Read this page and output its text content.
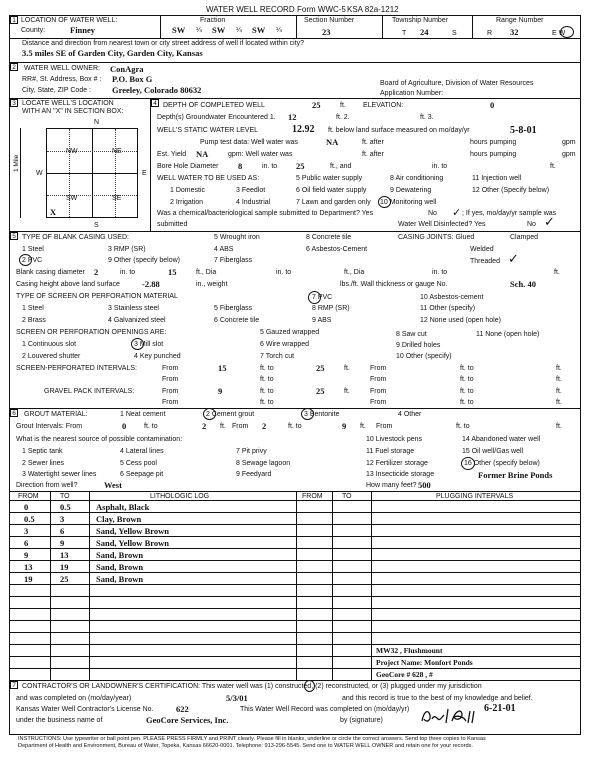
WATER WELL RECORD Form WWC-5 KSA 82a-1212
1 LOCATION OF WATER WELL:
County:	Finney
Fraction
SW ¼ SW ¼ SW ¼
Section Number
23
Township Number
T 24	S
Range Number
R 32	E W
Distance and direction from nearest town or city street address of well if located within city?
3.5 miles SE of Garden City, Garden City, Kansas
2	WATER WELL OWNER: ConAgra
RR#, St. Address, Box # : P.O. Box G
City, State, ZIP Code : Greeley, Colorado 80632
Board of Agriculture, Division of Water Resources
Application Number:
3 LOCATE WELL'S LOCATION
WITH AN "X" IN SECTION BOX:
N
W	E
S
1 Mile
NW	NE
SW	SE
X
4 DEPTH OF COMPLETED WELL	25	ft. ELEVATION:	0
Depth(s) Groundwater Encountered 1. 12	ft. 2.	ft. 3.
WELL'S STATIC WATER LEVEL	12.92 ft. below land surface measured on mo/day/yr	5-8-01
Pump test data: Well water was	NA	ft. after	hours pumping	gpm
Est. Yield NA	gpm: Well water was	ft. after	hours pumping	gpm
Bore Hole Diameter 8	in. to 25	ft., and	in. to	ft.
WELL WATER TO BE USED AS:	5 Public water supply	8 Air conditioning	11 Injection well
1 Domestic	3 Feedlot	6 Oil field water supply	9 Dewatering	12 Other (Specify below)
2 Irrigation	4 Industrial	7 Lawn and garden only 10 Monitoring well
Was a chemical/bacteriological sample submitted to Department? Yes	No ✓ ; If yes, mo/day/yr sample was
submitted	Water Well Disinfected? Yes	No ✓
5 TYPE OF BLANK CASING USED:
1 Steel	3 RMP (SR)
5 Wrought iron	8 Concrete tile
4 ABS	6 Asbestos-Cement
2 PVC	9 Other (specify below)	7 Fiberglass
CASING JOINTS: Glued	Clamped
Welded
Threaded ✓
Blank casing diameter 2	in. to	15	ft., Dia	in. to	ft., Dia	in. to	ft.
Casing height above land surface	-2.88	in., weight	lbs./ft. Wall thickness or gauge No.	Sch. 40
TYPE OF SCREEN OR PERFORATION MATERIAL
1 Steel	3 Stainless steel	5 Fiberglass
7 PVC	10 Asbestos-cement
2 Brass	4 Galvanized steel	6 Concrete tile
8 RMP (SR)	11 Other (specify)
9 ABS	12 None used (open hole)
SCREEN OR PERFORATION OPENINGS ARE:	5 Gauzed wrapped	8 Saw cut	11 None (open hole)
1 Continuous slot	3 Mill slot	6 Wire wrapped	9 Drilled holes
2 Louvered shutter	4 Key punched	7 Torch cut	10 Other (specify)
SCREEN-PERFORATED INTERVALS:	From	15	ft. to	25	ft.	From	ft. to	ft.
From	ft. to	From	ft. to	ft.
GRAVEL PACK INTERVALS:	From	9	ft. to	25	ft.	From	ft. to	ft.
From	ft. to	From	ft. to	ft.
6	GROUT MATERIAL:	1 Neat cement	2 Cement grout	3 Bentonite	4 Other
Grout Intervals: From	0	ft. to	2 ft. From 2	ft. to	9 ft. From	ft. to	ft.
What is the nearest source of possible contamination:	10 Livestock pens	14 Abandoned water well
1 Septic tank	4 Lateral lines	7 Pit privy	11 Fuel storage	15 Oil well/Gas well
2 Sewer lines	5 Cess pool	8 Sewage lagoon	12 Fertilizer storage	16 Other (specify below)
3 Watertight sewer lines	6 Seepage pit	9 Feedyard	13 Insecticide storage	Former Brine Ponds
Direction from well?	West	How many feet? 500
FROM	TO	LITHOLOGIC LOG	FROM	TO	PLUGGING INTERVALS
0	0.5	Asphalt, Black
0.5	3	Clay, Brown
3	6	Sand, Yellow Brown
6	9	Sand, Yellow Brown
9	13	Sand, Brown
13	19	Sand, Brown
19	25	Sand, Brown
MW32 , Flushmount
Project Name: Monfort Ponds
GeoCore # 628 , #
7 CONTRACTOR'S OR LANDOWNER'S CERTIFICATION: This water well was (1) constructed, (2) reconstructed, or (3) plugged under my jurisdiction
and was completed on (mo/day/year)	5/3/01	and this record is true to the best of my knowledge and belief.
Kansas Water Well Contractor's License No.	622	This Water Well Record was completed on (mo/day/yr)	6-21-01
under the business name of	GeoCore Services, Inc.	by (signature)
INSTRUCTIONS: Use typewriter or ball point pen. PLEASE PRESS FIRMLY and PRINT clearly. Please fill in blanks, underline or circle the correct answers. Send top three copies to Kansas
Department of Health and Environment, Bureau of Water, Topeka, Kansas 66620-0001. Telephone: 913-296-5545. Send one to WATER WELL OWNER and retain one for your records.
